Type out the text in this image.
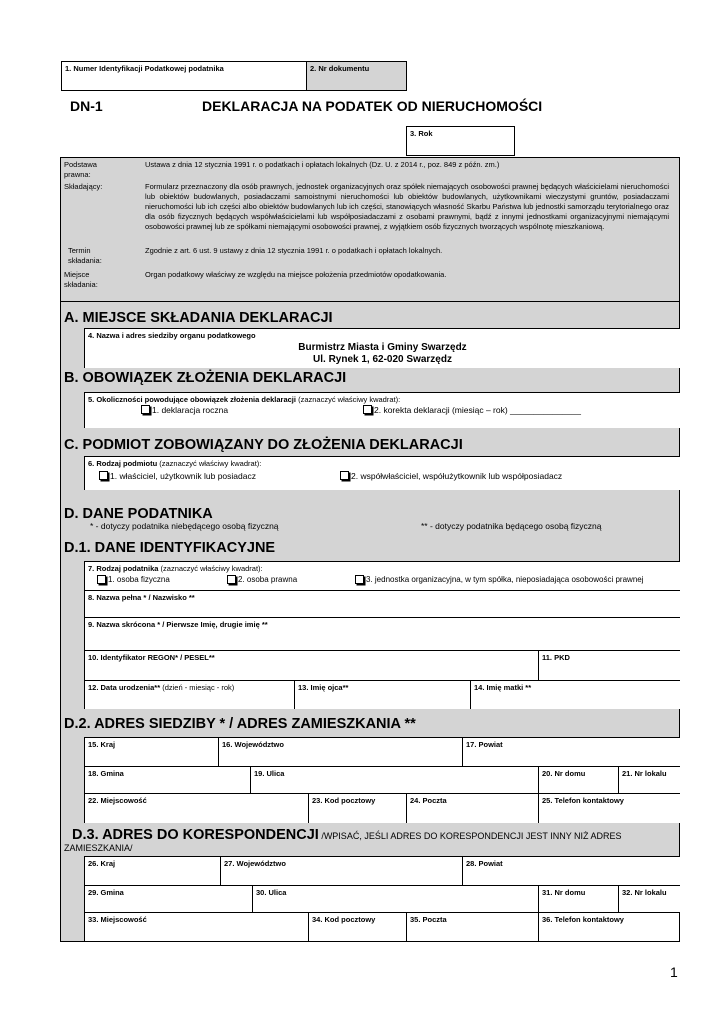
1. Numer Identyfikacji Podatkowej podatnika	2. Nr dokumentu
DN-1	DEKLARACJA NA PODATEK OD NIERUCHOMOŚCI
3. Rok
Podstawa prawna:
Ustawa z dnia 12 stycznia 1991 r. o podatkach i opłatach lokalnych (Dz. U. z 2014 r., poz. 849 z późn. zm.)
Składający:	Formularz przeznaczony dla osób prawnych, jednostek organizacyjnych oraz spółek niemających osobowości prawnej będących właścicielami nieruchomości lub obiektów budowlanych, posiadaczami samoistnymi nieruchomości lub obiektów budowlanych, użytkownikami wieczystymi gruntów, posiadaczami nieruchomości lub ich części albo obiektów budowlanych lub ich części, stanowiących własność Skarbu Państwa lub jednostki samorządu terytorialnego oraz dla osób fizycznych będących współwłaścicielami lub współposiadaczami z osobami prawnymi, bądź z innymi jednostkami organizacyjnymi niemającymi osobowości prawnej lub ze spółkami niemającymi osobowości prawnej, z wyjątkiem osób fizycznych tworzących wspólnotę mieszkaniową.
Termin składania:
Zgodnie z art. 6 ust. 9 ustawy z dnia 12 stycznia 1991 r. o podatkach i opłatach lokalnych.
Miejsce składania:
Organ podatkowy właściwy ze względu na miejsce położenia przedmiotów opodatkowania.
A. MIEJSCE SKŁADANIA DEKLARACJI
4. Nazwa i adres siedziby organu podatkowego
Burmistrz Miasta i Gminy Swarzędz
Ul. Rynek 1, 62-020 Swarzędz
B. OBOWIĄZEK ZŁOŻENIA DEKLARACJI
5. Okoliczności powodujące obowiązek złożenia deklaracji (zaznaczyć właściwy kwadrat):
1. deklaracja roczna	2. korekta deklaracji (miesiąc – rok) _______________
C. PODMIOT ZOBOWIĄZANY DO ZŁOŻENIA DEKLARACJI
6. Rodzaj podmiotu (zaznaczyć właściwy kwadrat):
1. właściciel, użytkownik lub posiadacz	2. współwłaściciel, współużytkownik lub współposiadacz
D. DANE PODATNIKA
* - dotyczy podatnika niebędącego osobą fizyczną	** - dotyczy podatnika będącego osobą fizyczną
D.1. DANE IDENTYFIKACYJNE
7. Rodzaj podatnika (zaznaczyć właściwy kwadrat):
1. osoba fizyczna	2. osoba prawna	3. jednostka organizacyjna, w tym spółka, nieposiadająca osobowości prawnej
8. Nazwa pełna * / Nazwisko **
9. Nazwa skrócona * / Pierwsze Imię, drugie imię **
10. Identyfikator REGON* / PESEL**	11. PKD
12. Data urodzenia** (dzień - miesiąc - rok)	13. Imię ojca**	14. Imię matki **
D.2. ADRES SIEDZIBY * / ADRES ZAMIESZKANIA **
15. Kraj	16. Województwo	17. Powiat
18. Gmina	19. Ulica	20. Nr domu	21. Nr lokalu
22. Miejscowość	23. Kod pocztowy	24. Poczta	25. Telefon kontaktowy
D.3. ADRES DO KORESPONDENCJI /WPISAĆ, JEŚLI ADRES DO KORESPONDENCJI JEST INNY NIŻ ADRES
ZAMIESZKANIA/
26. Kraj	27. Województwo	28. Powiat
29. Gmina	30. Ulica	31. Nr domu	32. Nr lokalu
33. Miejscowość	34. Kod pocztowy	35. Poczta	36. Telefon kontaktowy
1
